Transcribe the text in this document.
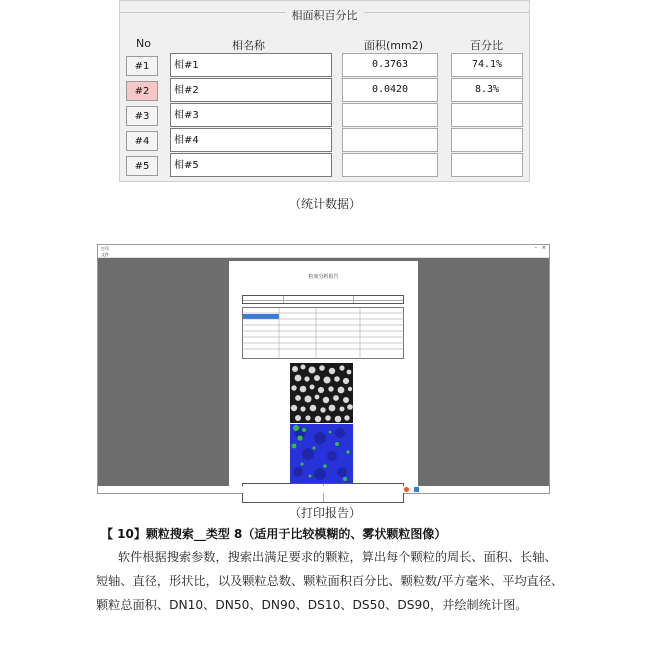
相面积百分比
No	相名称	面积(mm2)	百分比
#1	相#1	0.3763	74.1%
#2	相#2	0.0420	8.3%
#3	相#3
#4	相#4
#5	相#5
（统计数据）
打印	– ×
文件
粒度分析报告
（打印报告）
【 10】颗粒搜索__类型 8（适用于比较模糊的、雾状颗粒图像）
软件根据搜索参数，搜索出满足要求的颗粒，算出每个颗粒的周长、面积、长轴、短轴、直径，形状比，以及颗粒总数、颗粒面积百分比、颗粒数/平方毫米、平均直径、颗粒总面积、DN10、DN50、DN90、DS10、DS50、DS90，并绘制统计图。
